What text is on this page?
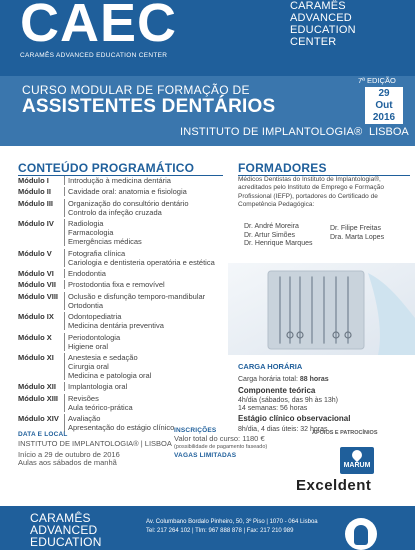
CAEC
CARAMÊS ADVANCED EDUCATION CENTER
CARAMÊS
ADVANCED
EDUCATION
CENTER
CURSO MODULAR DE FORMAÇÃO DE
ASSISTENTES DENTÁRIOS
INSTITUTO DE IMPLANTOLOGIA®
7ª EDIÇÃO
29
Out
2016
LISBOA
CONTEÚDO PROGRAMÁTICO
Módulo I	Introdução à medicina dentária
Módulo II	Cavidade oral: anatomia e fisiologia
Módulo III	Organização do consultório dentário
Controlo da infeção cruzada
Módulo IV	Radiologia
Farmacologia
Emergências médicas
Módulo V	Fotografia clínica
Cariologia e dentisteria operatória e estética
Módulo VI	Endodontia
Módulo VII	Prostodontia fixa e removível
Módulo VIII	Oclusão e disfunção temporo-mandibular
Ortodontia
Módulo IX	Odontopediatria
Medicina dentária preventiva
Módulo X	Periodontologia
Higiene oral
Módulo XI	Anestesia e sedação
Cirurgia oral
Medicina e patologia oral
Módulo XII	Implantologia oral
Módulo XIII	Revisões
Aula teórico-prática
Módulo XIV	Avaliação
Apresentação do estágio clínico
FORMADORES
Médicos Dentistas do Instituto de Implantologia®,
acreditados pelo Instituto de Emprego e Formação
Profissional (IEFP), portadores do Certificado de
Competência Pedagógica:
Dr. André Moreira
Dr. Artur Simões
Dr. Henrique Marques
Dr. Filipe Freitas
Dra. Marta Lopes
CARGA HORÁRIA
Carga horária total: 88 horas
Componente teórica
4h/dia (sábados, das 9h às 13h)
14 semanas: 56 horas
Estágio clínico observacional
8h/dia, 4 dias úteis: 32 horas
DATA E LOCAL
INSTITUTO DE IMPLANTOLOGIA® | LISBOA
Início a 29 de outubro de 2016
Aulas aos sábados de manhã
INSCRIÇÕES
Valor total do curso: 1180 €
(possibilidade de pagamento faseado)
VAGAS LIMITADAS
APOIOS E PATROCÍNIOS
MARUM
Exceldent
CARAMÊS
ADVANCED
EDUCATION
Av. Columbano Bordalo Pinheiro, 50, 3º Piso | 1070 - 064 Lisboa
Tel: 217 264 102 | Tlm: 967 888 878 | Fax: 217 210 989
ENTIDADE FORMADORA
